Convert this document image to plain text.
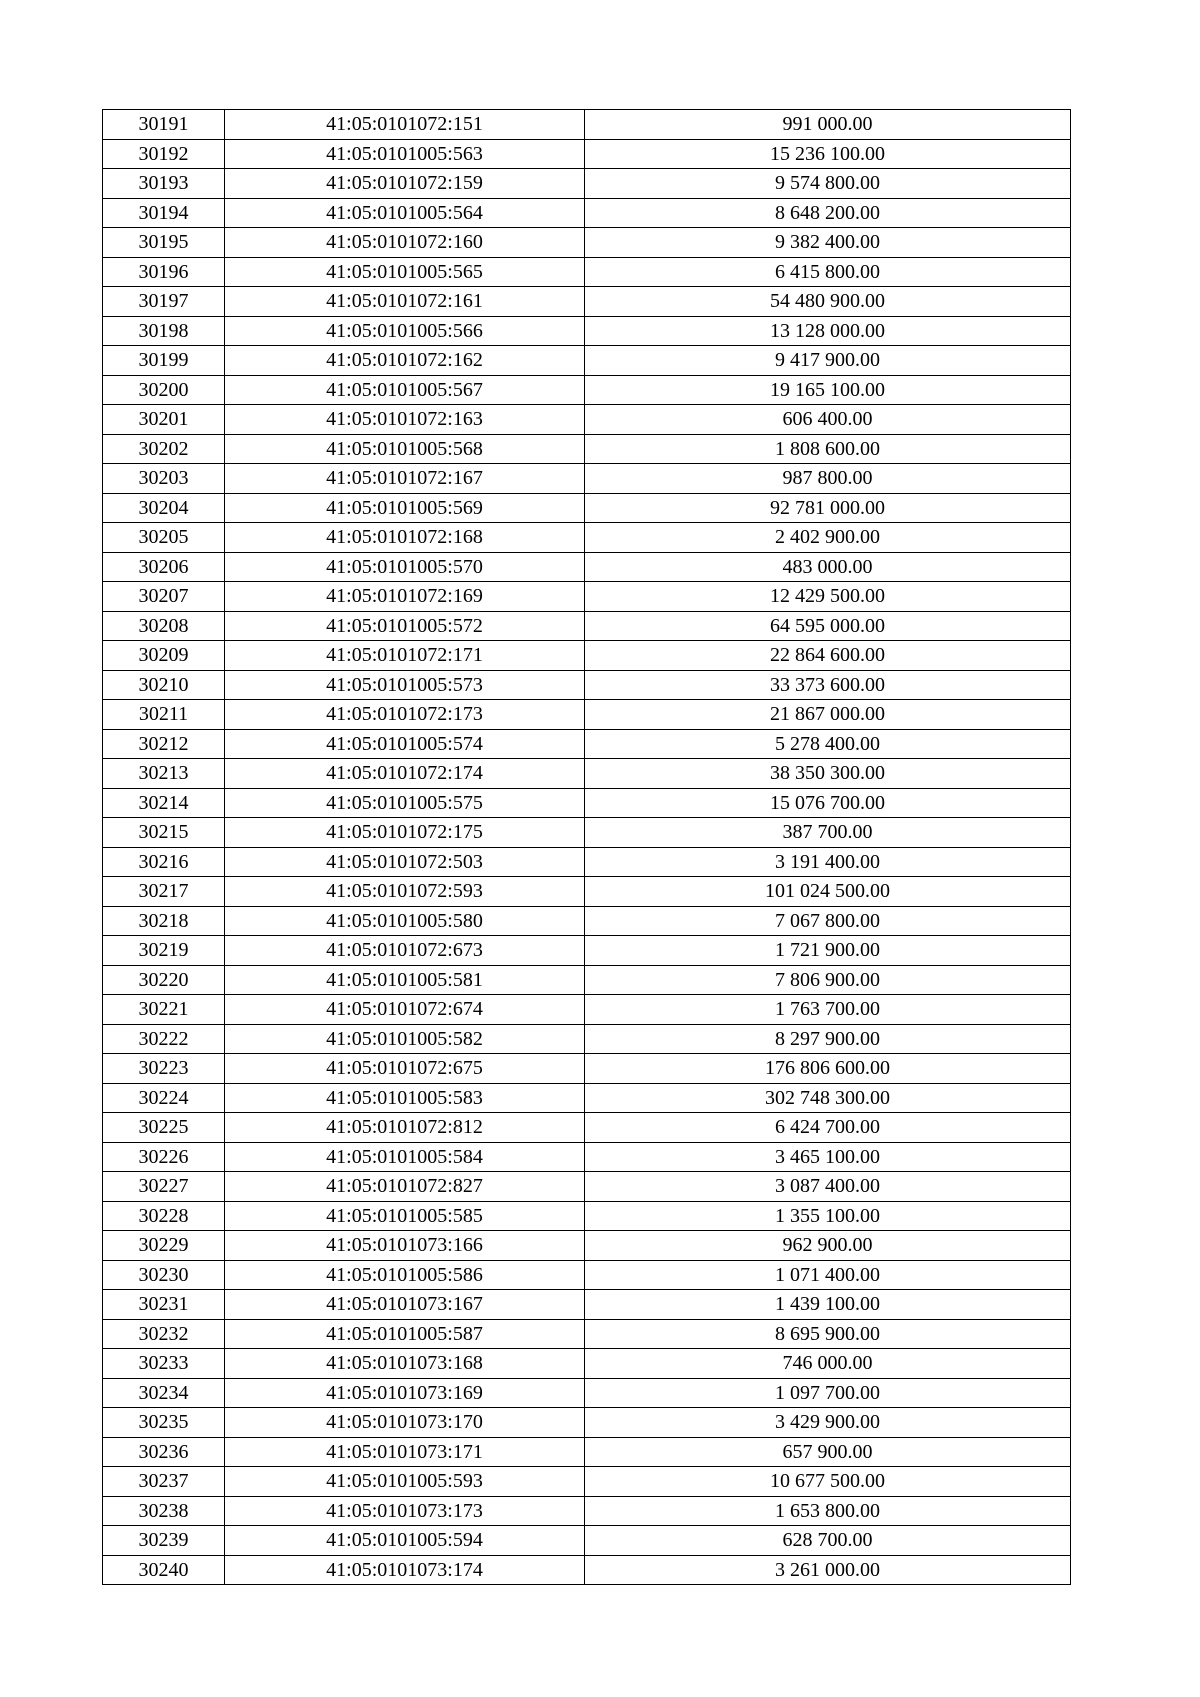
30191	41:05:0101072:151	991 000.00
30192	41:05:0101005:563	15 236 100.00
30193	41:05:0101072:159	9 574 800.00
30194	41:05:0101005:564	8 648 200.00
30195	41:05:0101072:160	9 382 400.00
30196	41:05:0101005:565	6 415 800.00
30197	41:05:0101072:161	54 480 900.00
30198	41:05:0101005:566	13 128 000.00
30199	41:05:0101072:162	9 417 900.00
30200	41:05:0101005:567	19 165 100.00
30201	41:05:0101072:163	606 400.00
30202	41:05:0101005:568	1 808 600.00
30203	41:05:0101072:167	987 800.00
30204	41:05:0101005:569	92 781 000.00
30205	41:05:0101072:168	2 402 900.00
30206	41:05:0101005:570	483 000.00
30207	41:05:0101072:169	12 429 500.00
30208	41:05:0101005:572	64 595 000.00
30209	41:05:0101072:171	22 864 600.00
30210	41:05:0101005:573	33 373 600.00
30211	41:05:0101072:173	21 867 000.00
30212	41:05:0101005:574	5 278 400.00
30213	41:05:0101072:174	38 350 300.00
30214	41:05:0101005:575	15 076 700.00
30215	41:05:0101072:175	387 700.00
30216	41:05:0101072:503	3 191 400.00
30217	41:05:0101072:593	101 024 500.00
30218	41:05:0101005:580	7 067 800.00
30219	41:05:0101072:673	1 721 900.00
30220	41:05:0101005:581	7 806 900.00
30221	41:05:0101072:674	1 763 700.00
30222	41:05:0101005:582	8 297 900.00
30223	41:05:0101072:675	176 806 600.00
30224	41:05:0101005:583	302 748 300.00
30225	41:05:0101072:812	6 424 700.00
30226	41:05:0101005:584	3 465 100.00
30227	41:05:0101072:827	3 087 400.00
30228	41:05:0101005:585	1 355 100.00
30229	41:05:0101073:166	962 900.00
30230	41:05:0101005:586	1 071 400.00
30231	41:05:0101073:167	1 439 100.00
30232	41:05:0101005:587	8 695 900.00
30233	41:05:0101073:168	746 000.00
30234	41:05:0101073:169	1 097 700.00
30235	41:05:0101073:170	3 429 900.00
30236	41:05:0101073:171	657 900.00
30237	41:05:0101005:593	10 677 500.00
30238	41:05:0101073:173	1 653 800.00
30239	41:05:0101005:594	628 700.00
30240	41:05:0101073:174	3 261 000.00
